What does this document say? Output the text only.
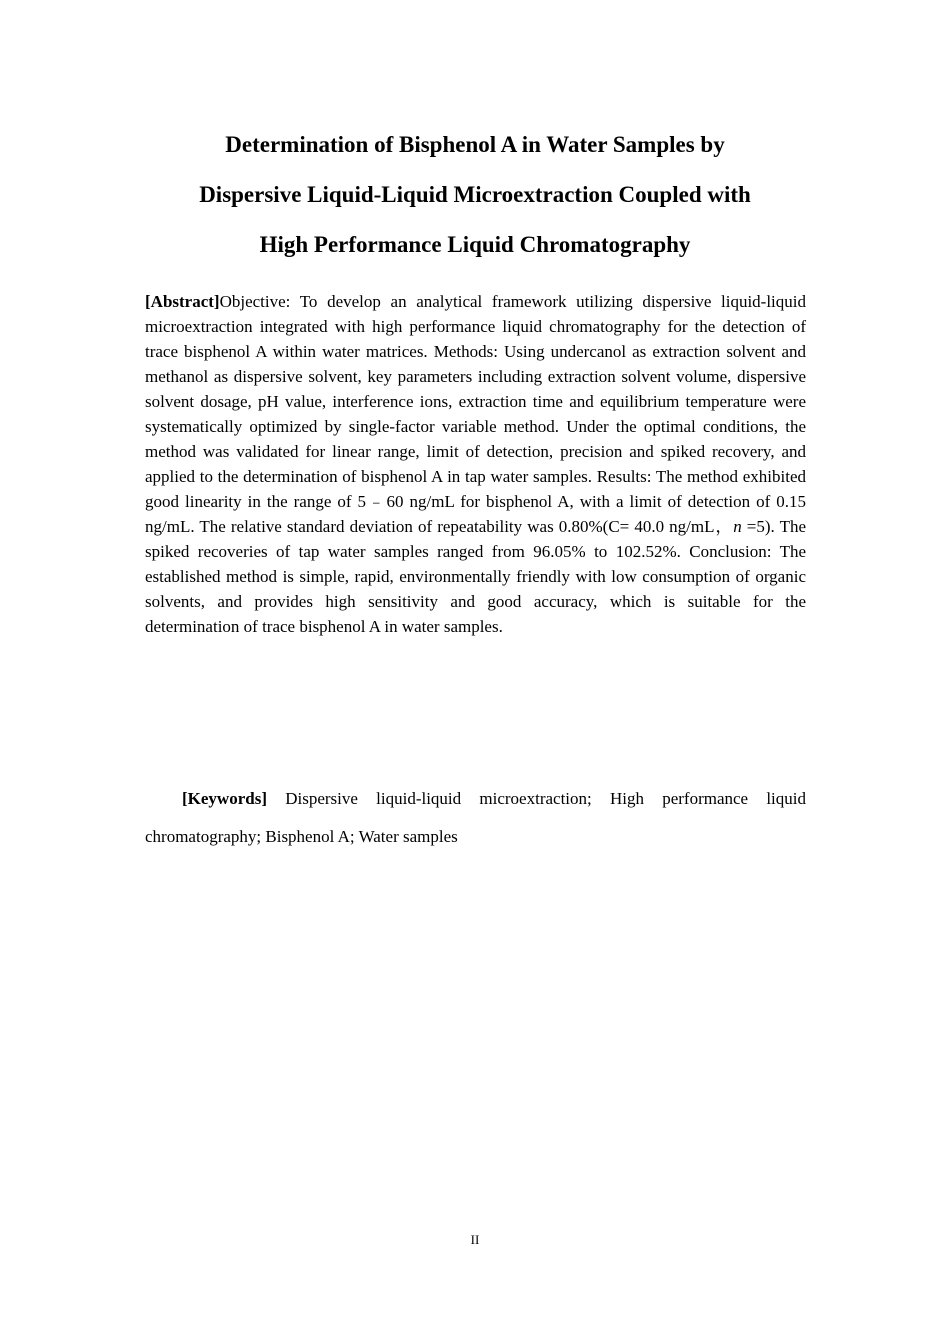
Determination of Bisphenol A in Water Samples by
Dispersive Liquid-Liquid Microextraction Coupled with
High Performance Liquid Chromatography

[Abstract]Objective: To develop an analytical framework utilizing dispersive liquid-liquid microextraction integrated with high performance liquid chromatography for the detection of trace bisphenol A within water matrices. Methods: Using undercanol as extraction solvent and methanol as dispersive solvent, key parameters including extraction solvent volume, dispersive solvent dosage, pH value, interference ions, extraction time and equilibrium temperature were systematically optimized by single-factor variable method. Under the optimal conditions, the method was validated for linear range, limit of detection, precision and spiked recovery, and applied to the determination of bisphenol A in tap water samples. Results: The method exhibited good linearity in the range of 5﹣60 ng/mL for bisphenol A, with a limit of detection of 0.15 ng/mL. The relative standard deviation of repeatability was 0.80%(C= 40.0 ng/mL，n =5). The spiked recoveries of tap water samples ranged from 96.05% to 102.52%. Conclusion: The established method is simple, rapid, environmentally friendly with low consumption of organic solvents, and provides high sensitivity and good accuracy, which is suitable for the determination of trace bisphenol A in water samples.

[Keywords] Dispersive liquid-liquid microextraction; High performance liquid chromatography; Bisphenol A; Water samples

II
